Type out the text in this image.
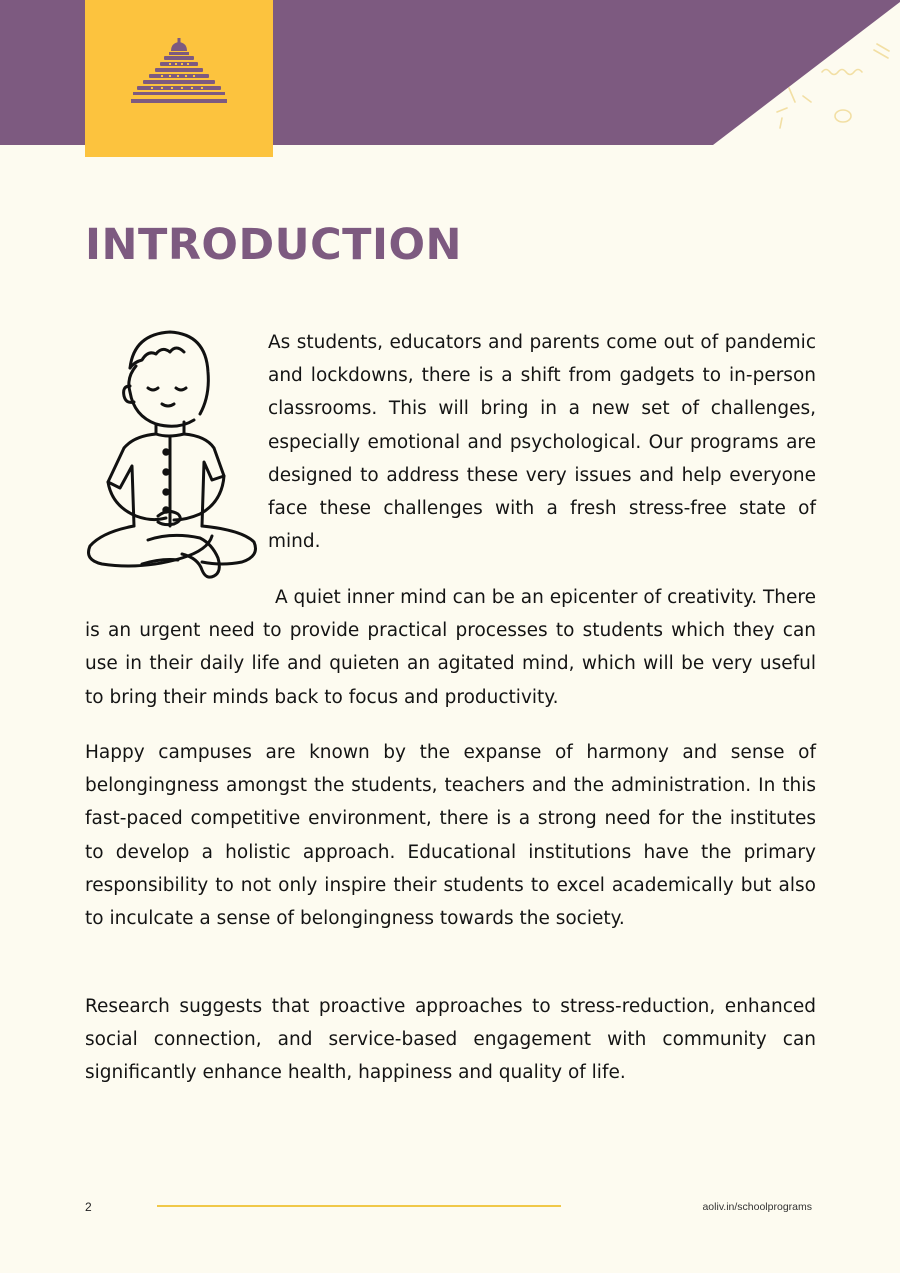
INTRODUCTION

As students, educators and parents come out of pandemic and lockdowns, there is a shift from gadgets to in-person classrooms. This will bring in a new set of challenges, especially emotional and psychological. Our programs are designed to address these very issues and help everyone face these challenges with a fresh stress-free state of mind.

A quiet inner mind can be an epicenter of creativity. There is an urgent need to provide practical processes to students which they can use in their daily life and quieten an agitated mind, which will be very useful to bring their minds back to focus and productivity.

Happy campuses are known by the expanse of harmony and sense of belongingness amongst the students, teachers and the administration. In this fast-paced competitive environment, there is a strong need for the institutes to develop a holistic approach. Educational institutions have the primary responsibility to not only inspire their students to excel academically but also to inculcate a sense of belongingness towards the society.

Research suggests that proactive approaches to stress-reduction, enhanced social connection, and service-based engagement with community can significantly enhance health, happiness and quality of life.

2	aoliv.in/schoolprograms
